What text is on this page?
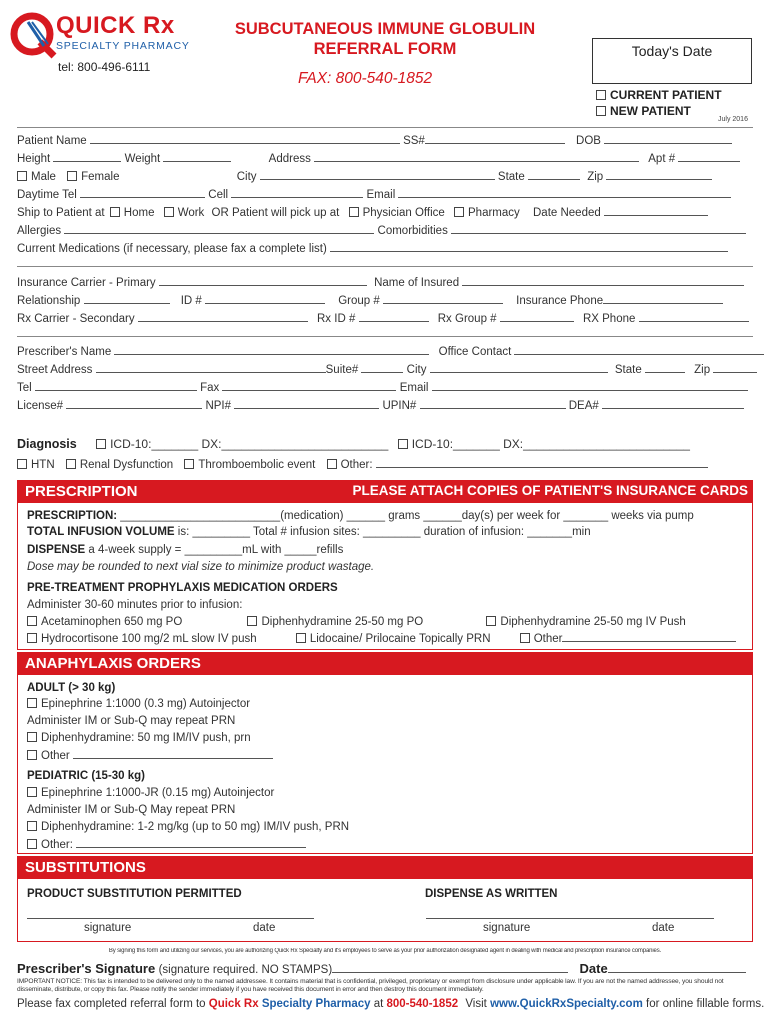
QUICK Rx
SPECIALTY PHARMACY
tel: 800-496-6111
SUBCUTANEOUS IMMUNE GLOBULIN
REFERRAL FORM
FAX: 800-540-1852
Today's Date
CURRENT PATIENT
NEW PATIENT
July 2016
Patient Name	SS#	DOB
Height	Weight	Address	Apt #
Male Female	City	State	Zip
Daytime Tel	Cell	Email
Ship to Patient at Home Work OR Patient will pick up at Physician Office Pharmacy Date Needed
Allergies	Comorbidities
Current Medications (if necessary, please fax a complete list)
Insurance Carrier - Primary	Name of Insured
Relationship	ID #	Group #	Insurance Phone
Rx Carrier - Secondary	Rx ID #	Rx Group #	RX Phone
Prescriber's Name	Office Contact
Street Address	Suite#	City	State	Zip
Tel	Fax	Email
License#	NPI#	UPIN#	DEA#
Diagnosis	ICD-10:_______ DX:_________________________ ICD-10:_______ DX:_________________________
HTN Renal Dysfunction Thromboembolic event Other:
PRESCRIPTION	PLEASE ATTACH COPIES OF PATIENT'S INSURANCE CARDS
PRESCRIPTION: _________________________(medication) ______ grams ______day(s) per week for _______ weeks via pump
TOTAL INFUSION VOLUME is: _________ Total # infusion sites: _________ duration of infusion: _______min
DISPENSE a 4-week supply = _________mL with _____refills
Dose may be rounded to next vial size to minimize product wastage.
PRE-TREATMENT PROPHYLAXIS MEDICATION ORDERS
Administer 30-60 minutes prior to infusion:
Acetaminophen 650 mg PO	Diphenhydramine 25-50 mg PO	Diphenhydramine 25-50 mg IV Push
Hydrocortisone 100 mg/2 mL slow IV push	Lidocaine/ Prilocaine Topically PRN	Other
ANAPHYLAXIS ORDERS
ADULT (> 30 kg)
Epinephrine 1:1000 (0.3 mg) Autoinjector
Administer IM or Sub-Q may repeat PRN
Diphenhydramine: 50 mg IM/IV push, prn
Other
PEDIATRIC (15-30 kg)
Epinephrine 1:1000-JR (0.15 mg) Autoinjector
Administer IM or Sub-Q May repeat PRN
Diphenhydramine: 1-2 mg/kg (up to 50 mg) IM/IV push, PRN
Other:
SUBSTITUTIONS
PRODUCT SUBSTITUTION PERMITTED	DISPENSE AS WRITTEN
signature	date	signature	date
By signing this form and utilizing our services, you are authorizing Quick Rx Specialty and it's employees to serve as your prior authorization designated agent in dealing with medical and prescription insurance companies.
Prescriber's Signature (signature required. NO STAMPS)	Date
IMPORTANT NOTICE: This fax is intended to be delivered only to the named addressee. It contains material that is confidential, privileged, proprietary or exempt from disclosure under applicable law. If you are not the named addressee, you should not disseminate, distribute, or copy this fax. Please notify the sender immediately if you have received this document in error and then destroy this document immediately.
Please fax completed referral form to Quick Rx Specialty Pharmacy at 800-540-1852 Visit www.QuickRxSpecialty.com for online fillable forms.
